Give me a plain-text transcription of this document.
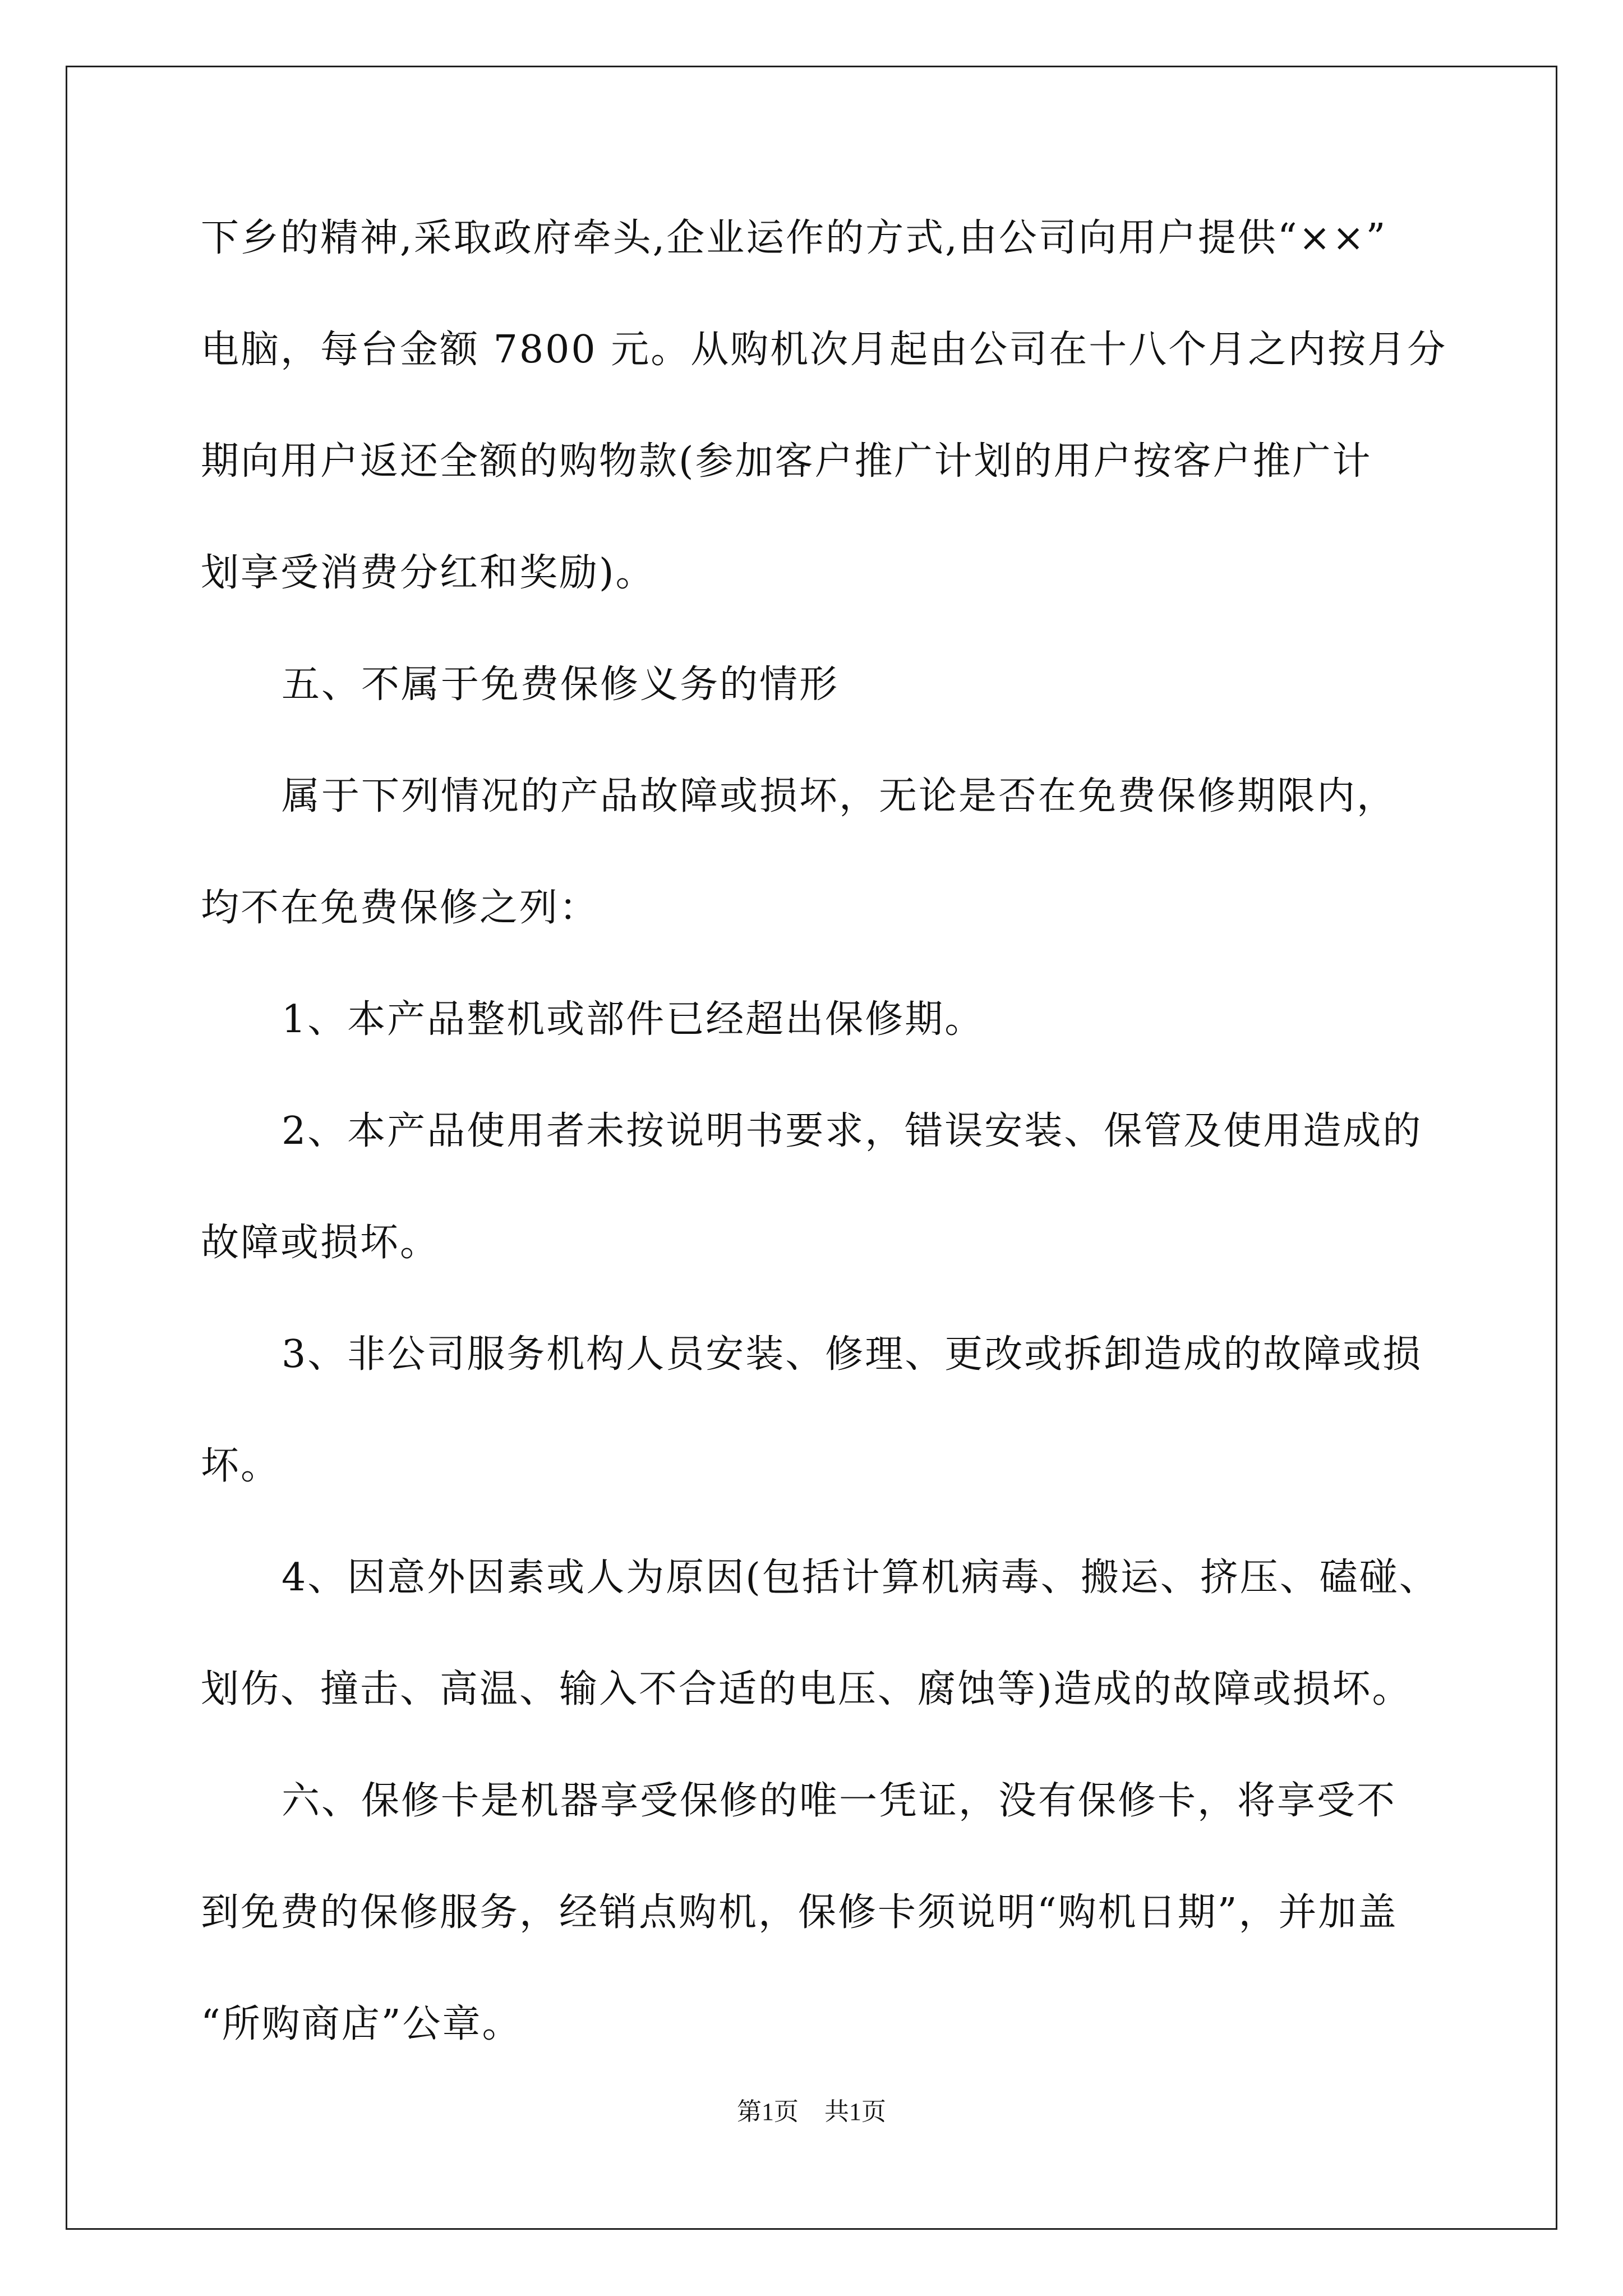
下乡的精神,采取政府牵头,企业运作的方式,由公司向用户提供“××”
电脑，每台金额 7800 元。从购机次月起由公司在十八个月之内按月分
期向用户返还全额的购物款(参加客户推广计划的用户按客户推广计
划享受消费分红和奖励)。
五、不属于免费保修义务的情形
属于下列情况的产品故障或损坏，无论是否在免费保修期限内，
均不在免费保修之列：
1、本产品整机或部件已经超出保修期。
2、本产品使用者未按说明书要求，错误安装、保管及使用造成的
故障或损坏。
3、非公司服务机构人员安装、修理、更改或拆卸造成的故障或损
坏。
4、因意外因素或人为原因(包括计算机病毒、搬运、挤压、磕碰、
划伤、撞击、高温、输入不合适的电压、腐蚀等)造成的故障或损坏。
六、保修卡是机器享受保修的唯一凭证，没有保修卡，将享受不
到免费的保修服务，经销点购机，保修卡须说明“购机日期”，并加盖
“所购商店”公章。
第1页 共1页
